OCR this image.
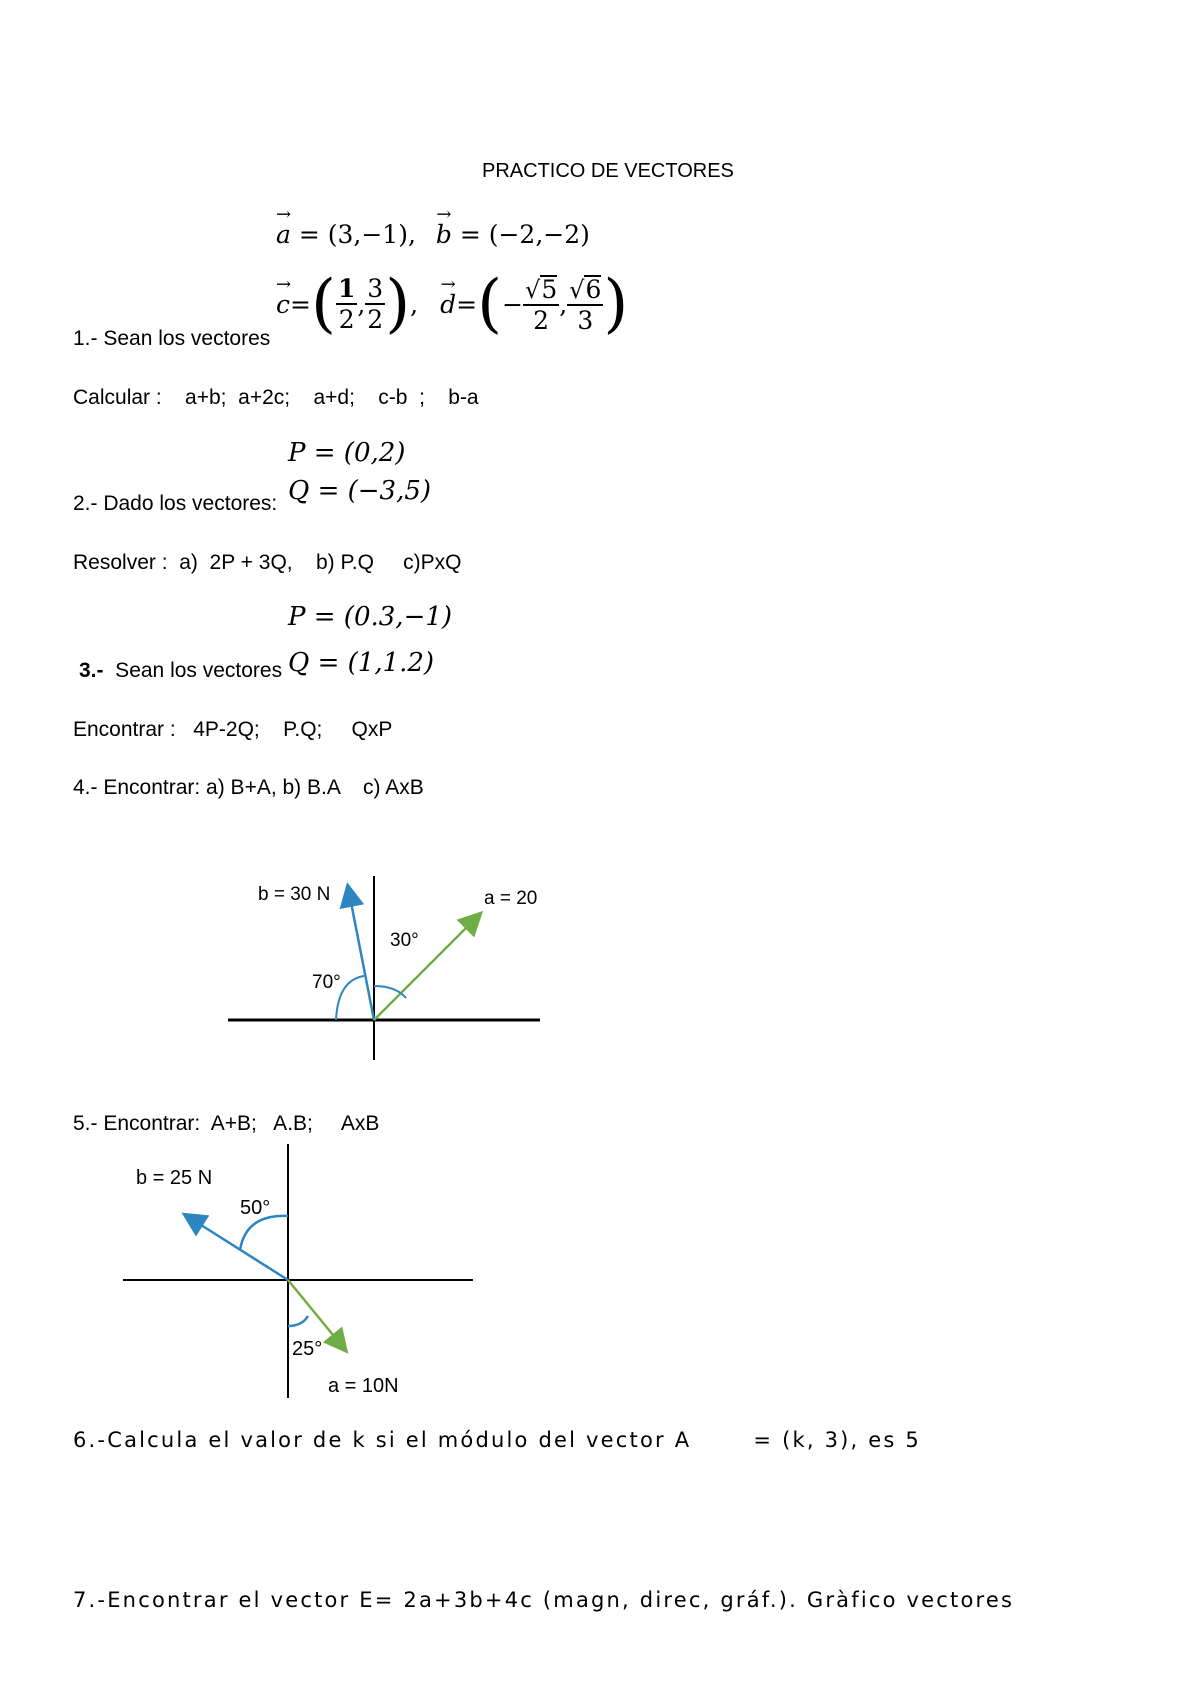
PRACTICO DE VECTORES
→ a = (3,−1), → b = (−2,−2)
→ c = ( $\frac{1}{2}$ , $\frac{3}{2}$ ) , → d = ( − $\frac{√ 5}{2}$ , $\frac{√ 6}{3}$ )
1.- Sean los vectores
Calcular :    a+b;  a+2c;    a+d;    c-b  ;    b-a
P = (0,2)
Q = (−3,5)
2.- Dado los vectores:
Resolver :  a)  2P + 3Q,    b) P.Q     c)PxQ
P = (0.3,−1)
Q = (1,1.2)
3.-  Sean los vectores
Encontrar :   4P-2Q;    P.Q;     QxP
4.- Encontrar: a) B+A, b) B.A    c) AxB
b = 30 N	a = 20
70°
30°
5.- Encontrar:  A+B;   A.B;     AxB
b = 25 N
a = 10N
50°
25°
6.-Calcula el valor de k si el módulo del vector A       = (k, 3), es 5
7.-Encontrar el vector E= 2a+3b+4c (magn, direc, gráf.). Gràfico vectores
